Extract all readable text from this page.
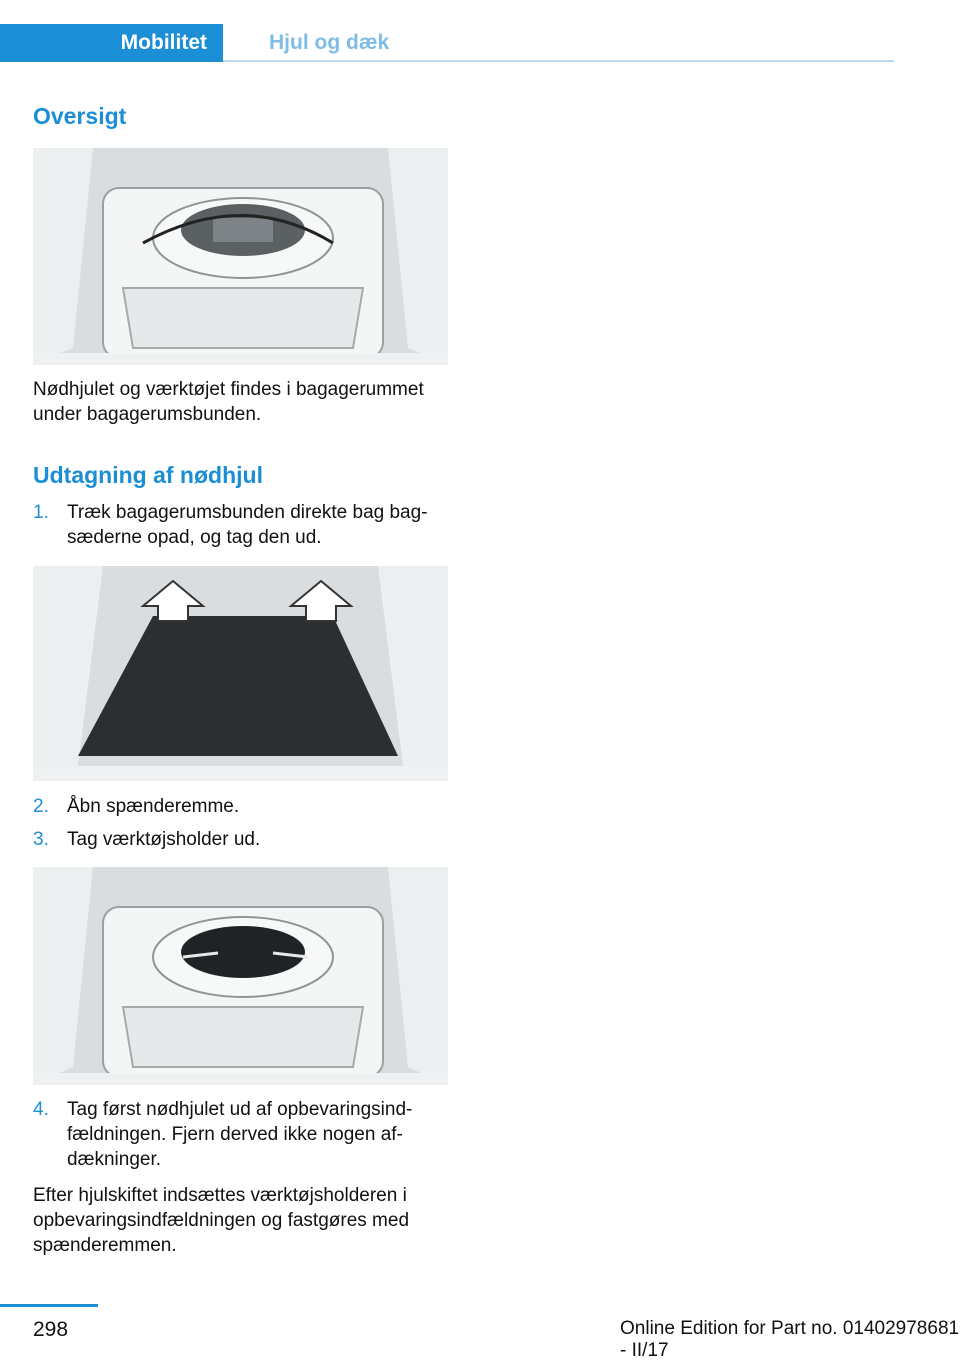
Mobilitet	Hjul og dæk
Oversigt
Nødhjulet og værktøjet findes i bagagerummet under bagagerumsbunden.
Udtagning af nødhjul
1. Træk bagagerumsbunden direkte bag bagsæderne opad, og tag den ud.
2. Åbn spænderemme.
3. Tag værktøjsholder ud.
4. Tag først nødhjulet ud af opbevaringsindfældningen. Fjern derved ikke nogen afdækninger.
Efter hjulskiftet indsættes værktøjsholderen i opbevaringsindfældningen og fastgøres med spænderemmen.
298	Online Edition for Part no. 01402978681 - II/17
